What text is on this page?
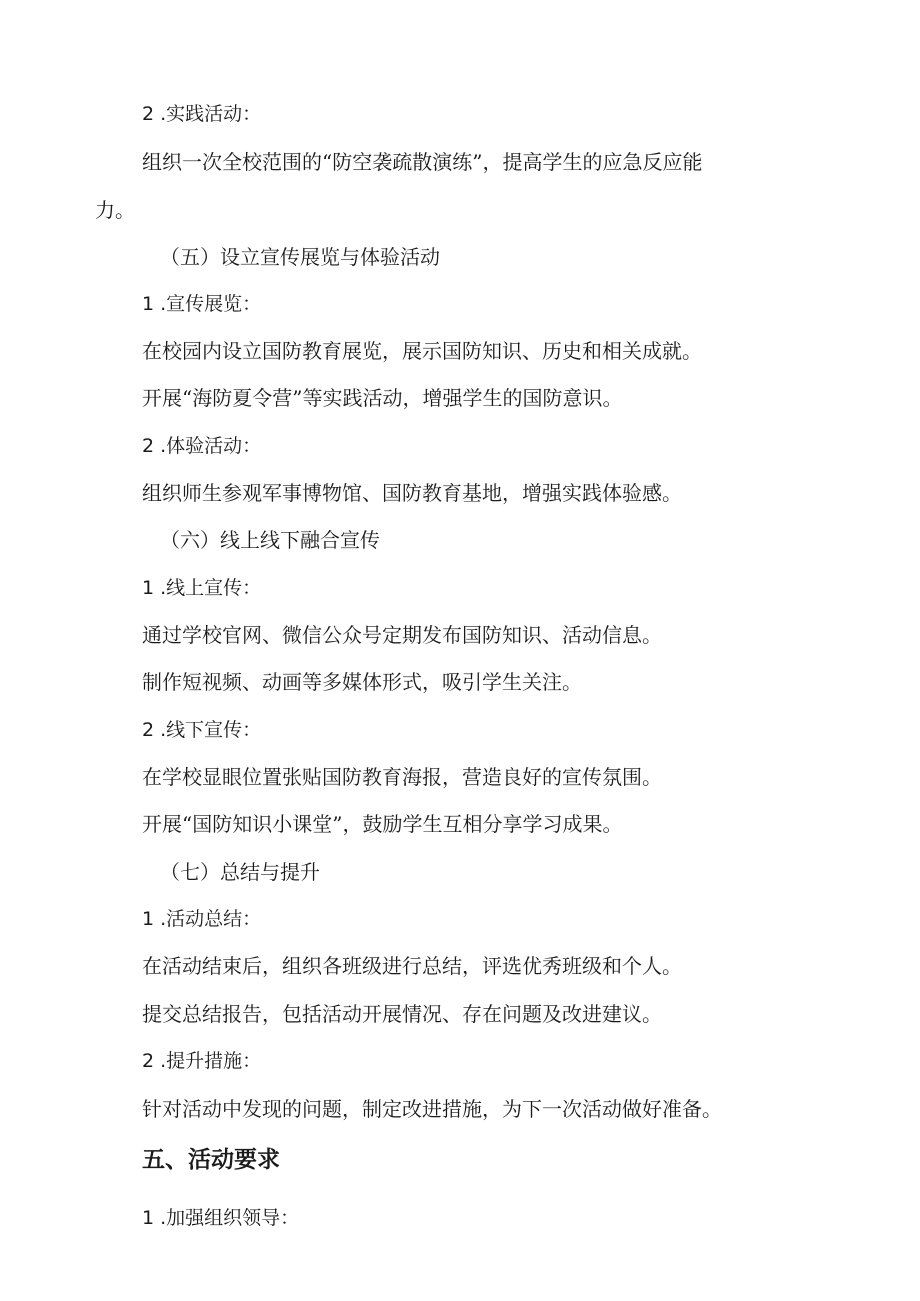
2 .实践活动：
组织一次全校范围的“防空袭疏散演练”，提高学生的应急反应能
力。
（五）设立宣传展览与体验活动
1 .宣传展览：
在校园内设立国防教育展览，展示国防知识、历史和相关成就。
开展“海防夏令营”等实践活动，增强学生的国防意识。
2 .体验活动：
组织师生参观军事博物馆、国防教育基地，增强实践体验感。
（六）线上线下融合宣传
1 .线上宣传：
通过学校官网、微信公众号定期发布国防知识、活动信息。
制作短视频、动画等多媒体形式，吸引学生关注。
2 .线下宣传：
在学校显眼位置张贴国防教育海报，营造良好的宣传氛围。
开展“国防知识小课堂”，鼓励学生互相分享学习成果。
（七）总结与提升
1 .活动总结：
在活动结束后，组织各班级进行总结，评选优秀班级和个人。
提交总结报告，包括活动开展情况、存在问题及改进建议。
2 .提升措施：
针对活动中发现的问题，制定改进措施，为下一次活动做好准备。
五、活动要求
1 .加强组织领导：
